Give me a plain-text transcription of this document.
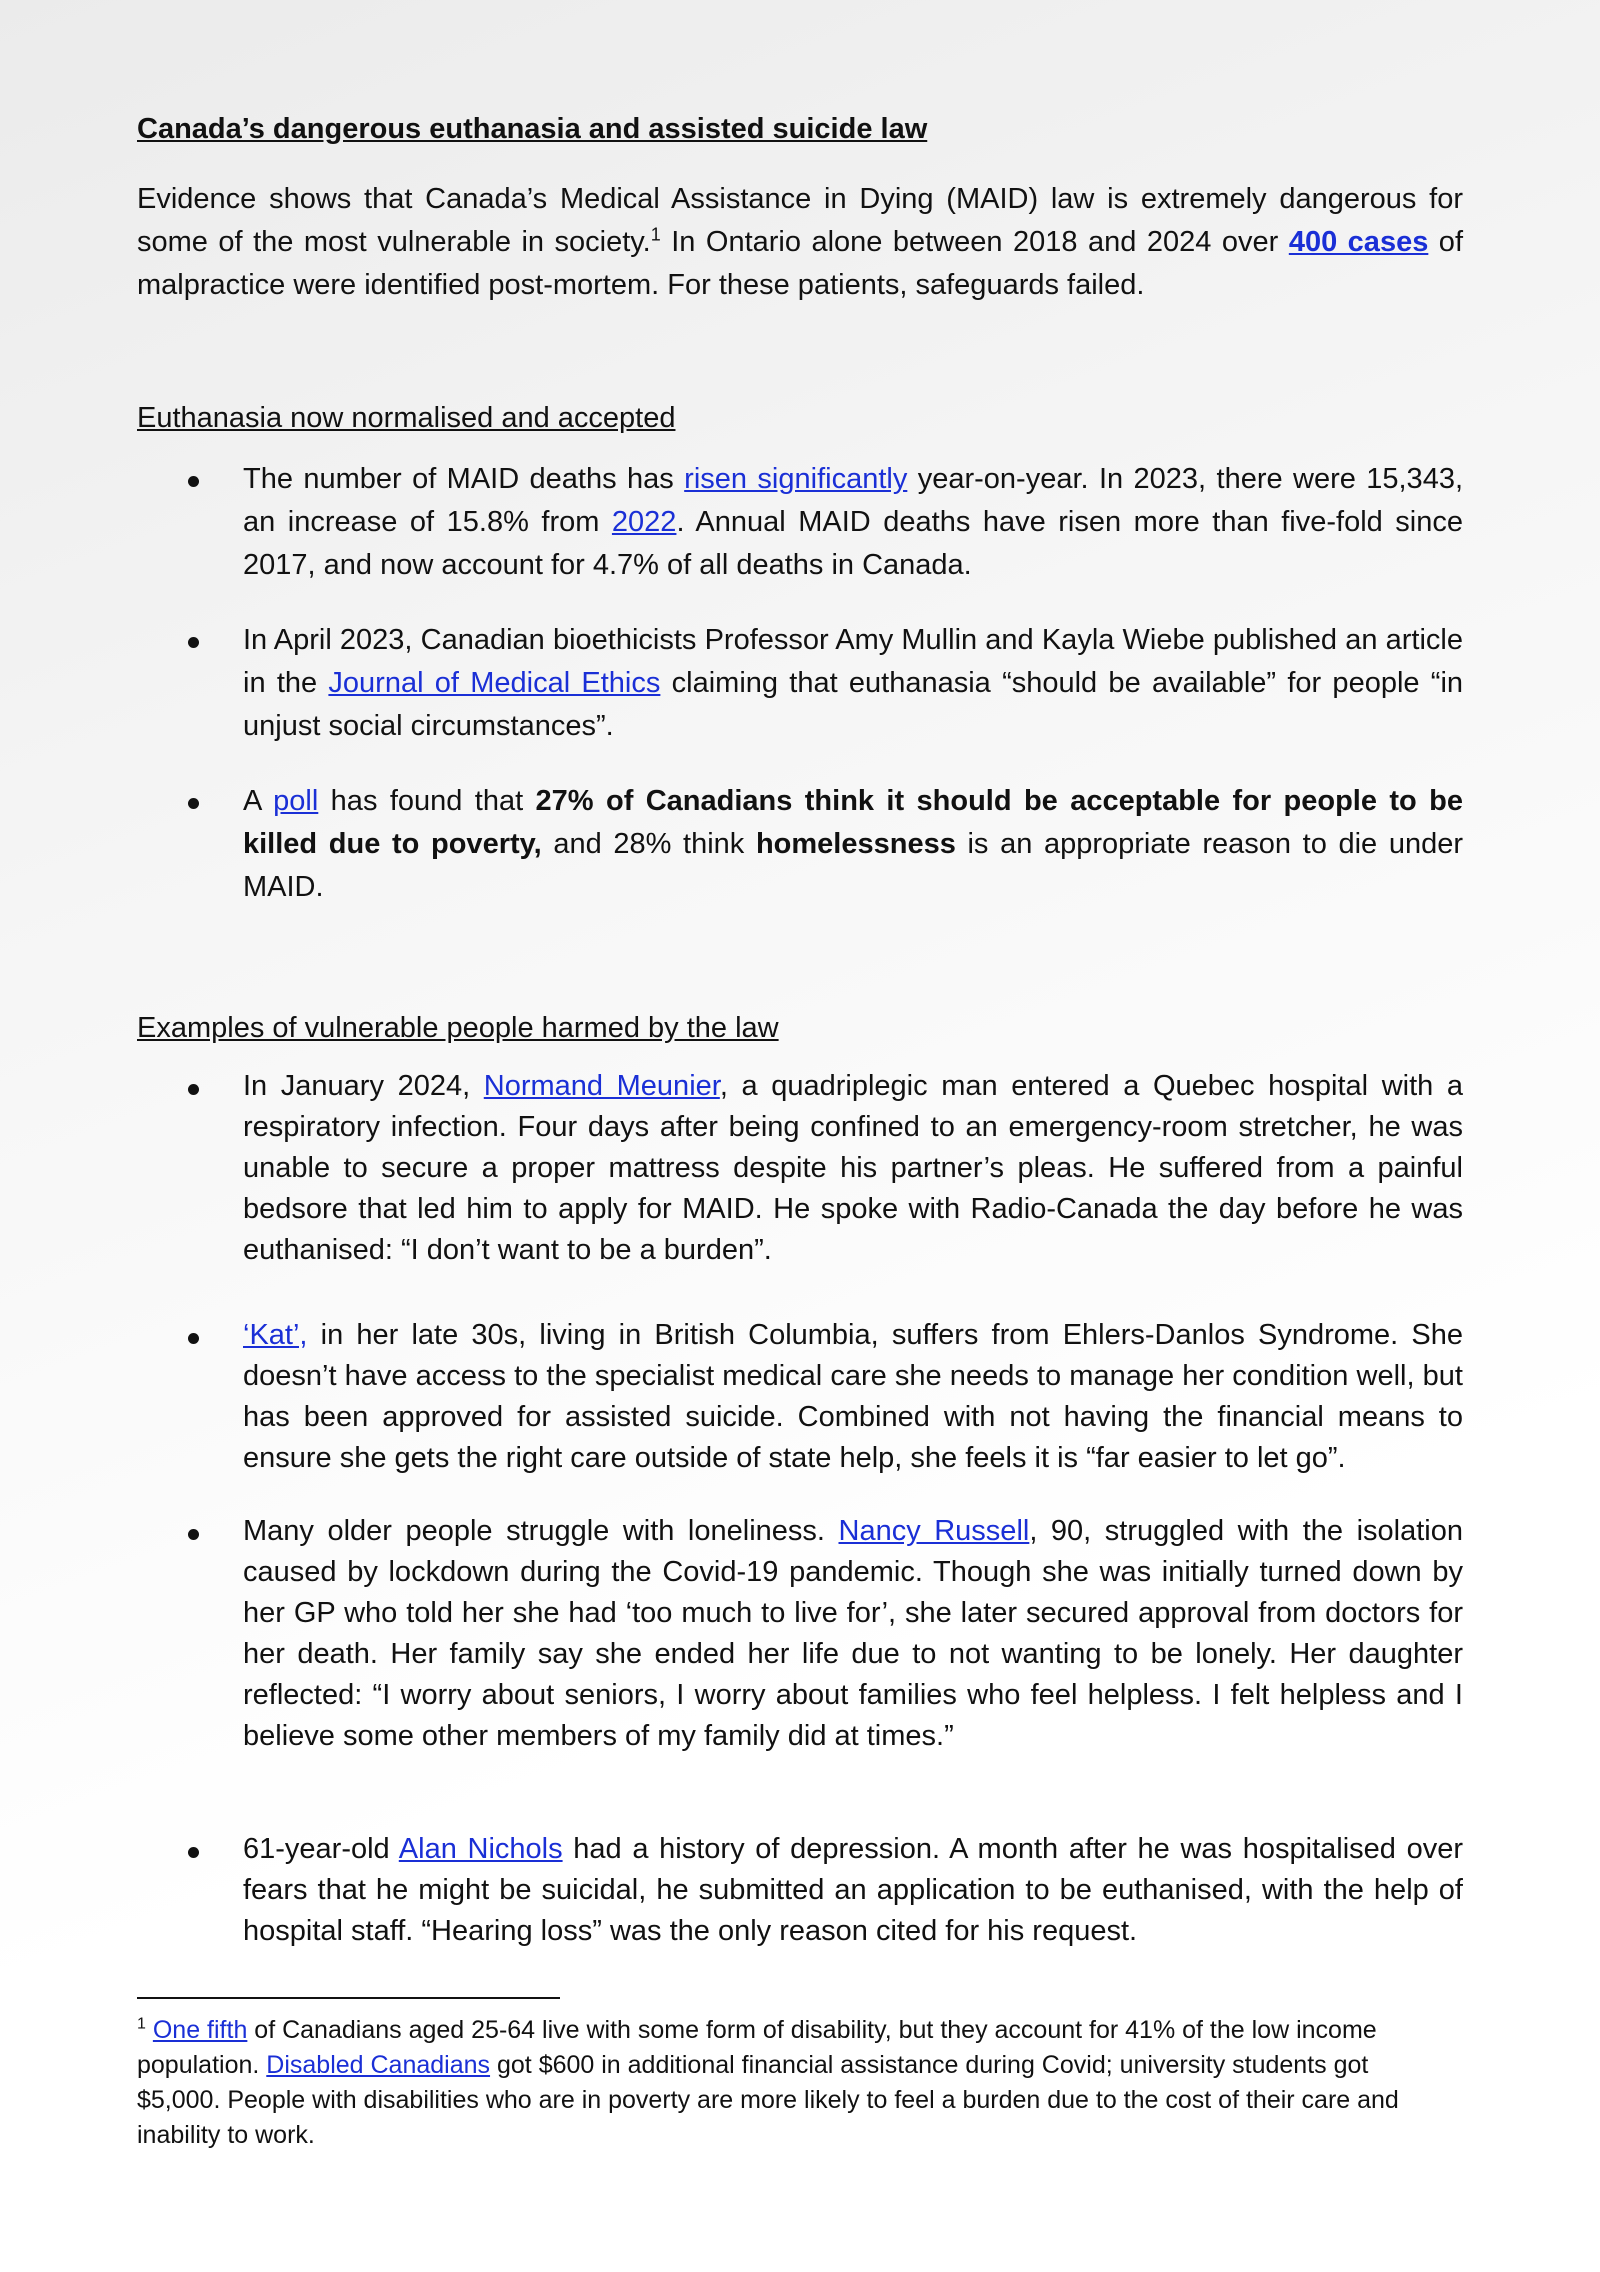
Canada’s dangerous euthanasia and assisted suicide law

Evidence shows that Canada’s Medical Assistance in Dying (MAID) law is extremely dangerous for some of the most vulnerable in society.$^1$ In Ontario alone between 2018 and 2024 over 400 cases of malpractice were identified post-mortem. For these patients, safeguards failed.

Euthanasia now normalised and accepted

The number of MAID deaths has risen significantly year-on-year. In 2023, there were 15,343, an increase of 15.8% from 2022. Annual MAID deaths have risen more than five-fold since 2017, and now account for 4.7% of all deaths in Canada.
In April 2023, Canadian bioethicists Professor Amy Mullin and Kayla Wiebe published an article in the Journal of Medical Ethics claiming that euthanasia “should be available” for people “in unjust social circumstances”.
A poll has found that 27% of Canadians think it should be acceptable for people to be killed due to poverty, and 28% think homelessness is an appropriate reason to die under MAID.

Examples of vulnerable people harmed by the law

In January 2024, Normand Meunier, a quadriplegic man entered a Quebec hospital with a respiratory infection. Four days after being confined to an emergency-room stretcher, he was unable to secure a proper mattress despite his partner’s pleas. He suffered from a painful bedsore that led him to apply for MAID. He spoke with Radio-Canada the day before he was euthanised: “I don’t want to be a burden”.
‘Kat’, in her late 30s, living in British Columbia, suffers from Ehlers-Danlos Syndrome. She doesn’t have access to the specialist medical care she needs to manage her condition well, but has been approved for assisted suicide. Combined with not having the financial means to ensure she gets the right care outside of state help, she feels it is “far easier to let go”.
Many older people struggle with loneliness. Nancy Russell, 90, struggled with the isolation caused by lockdown during the Covid-19 pandemic. Though she was initially turned down by her GP who told her she had ‘too much to live for’, she later secured approval from doctors for her death. Her family say she ended her life due to not wanting to be lonely. Her daughter reflected: “I worry about seniors, I worry about families who feel helpless. I felt helpless and I believe some other members of my family did at times.”
61-year-old Alan Nichols had a history of depression. A month after he was hospitalised over fears that he might be suicidal, he submitted an application to be euthanised, with the help of hospital staff. “Hearing loss” was the only reason cited for his request.

$^1$ One fifth of Canadians aged 25-64 live with some form of disability, but they account for 41% of the low income population. Disabled Canadians got $600 in additional financial assistance during Covid; university students got $5,000. People with disabilities who are in poverty are more likely to feel a burden due to the cost of their care and inability to work.
